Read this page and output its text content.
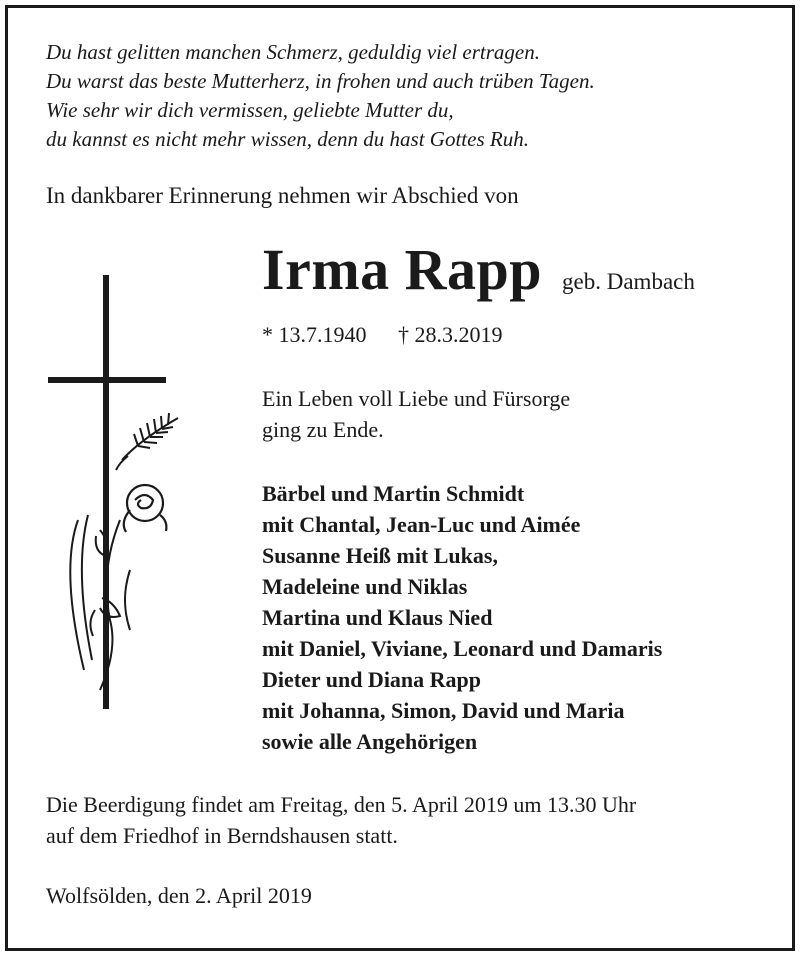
Du hast gelitten manchen Schmerz, geduldig viel ertragen.
Du warst das beste Mutterherz, in frohen und auch trüben Tagen.
Wie sehr wir dich vermissen, geliebte Mutter du,
du kannst es nicht mehr wissen, denn du hast Gottes Ruh.
In dankbarer Erinnerung nehmen wir Abschied von
Irma Rapp geb. Dambach
* 13.7.1940 † 28.3.2019
Ein Leben voll Liebe und Fürsorge
ging zu Ende.
Bärbel und Martin Schmidt
mit Chantal, Jean-Luc und Aimée
Susanne Heiß mit Lukas,
Madeleine und Niklas
Martina und Klaus Nied
mit Daniel, Viviane, Leonard und Damaris
Dieter und Diana Rapp
mit Johanna, Simon, David und Maria
sowie alle Angehörigen
Die Beerdigung findet am Freitag, den 5. April 2019 um 13.30 Uhr
auf dem Friedhof in Berndshausen statt.
Wolfsölden, den 2. April 2019
